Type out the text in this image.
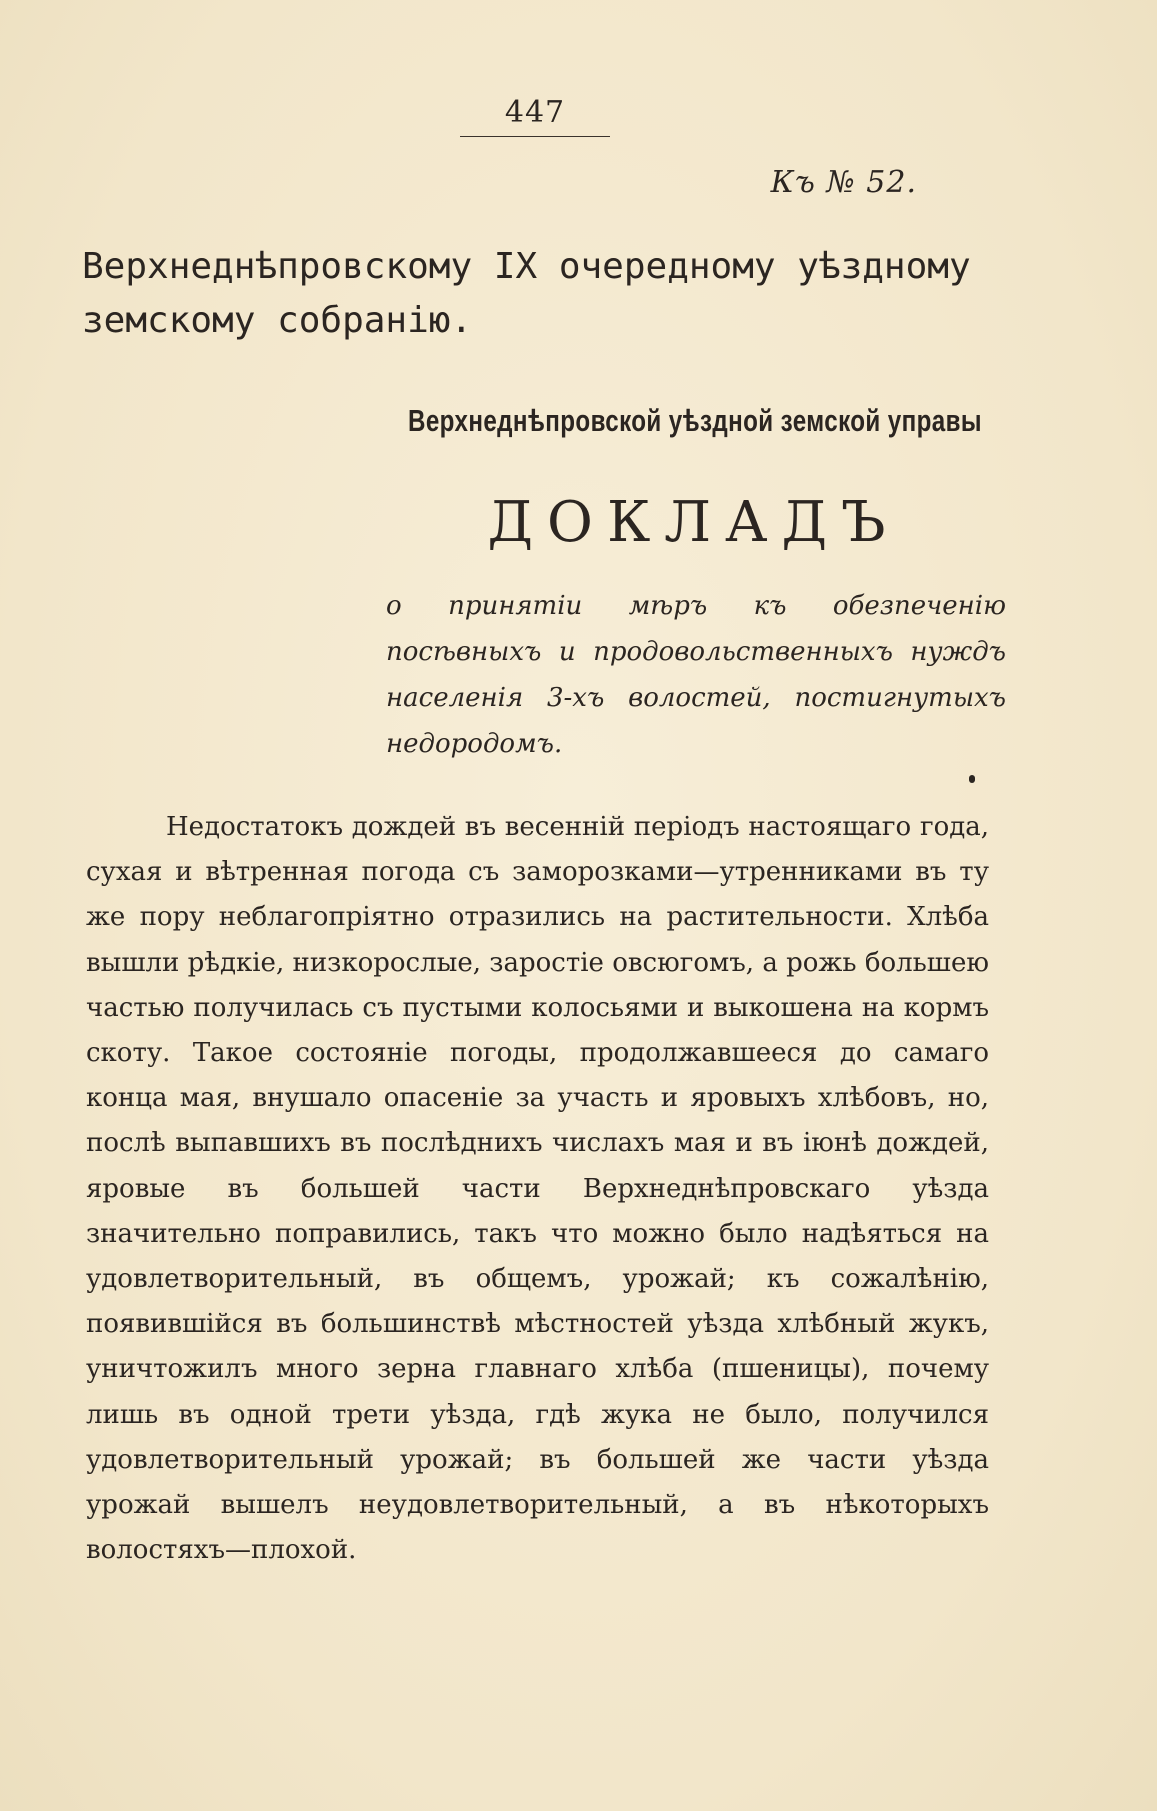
447
Къ № 52.
Верхнеднѣпровскому IX очередному уѣздному земскому собранію.
Верхнеднѣпровской уѣздной земской управы
ДОКЛАДЪ
о принятіи мѣръ къ обезпеченію посѣвныхъ и продовольственныхъ нуждъ населенія 3-хъ волостей, постигнутыхъ недородомъ.
Недостатокъ дождей въ весенній періодъ настоящаго года, сухая и вѣтренная погода съ заморозками—утренниками въ ту же пору неблагопріятно отразились на растительности. Хлѣба вышли рѣдкіе, низкорослые, заростіе овсюгомъ, а рожь большею частью получилась съ пустыми колосьями и выкошена на кормъ скоту. Такое состояніе погоды, продолжавшееся до самаго конца мая, внушало опасеніе за участь и яровыхъ хлѣбовъ, но, послѣ выпавшихъ въ послѣднихъ числахъ мая и въ іюнѣ дождей, яровые въ большей части Верхнеднѣпровскаго уѣзда значительно поправились, такъ что можно было надѣяться на удовлетворительный, въ общемъ, урожай; къ сожалѣнію, появившійся въ большинствѣ мѣстностей уѣзда хлѣбный жукъ, уничтожилъ много зерна главнаго хлѣба (пшеницы), почему лишь въ одной трети уѣзда, гдѣ жука не было, получился удовлетворительный урожай; въ большей же части уѣзда урожай вышелъ неудовлетворительный, а въ нѣкоторыхъ волостяхъ—плохой.
